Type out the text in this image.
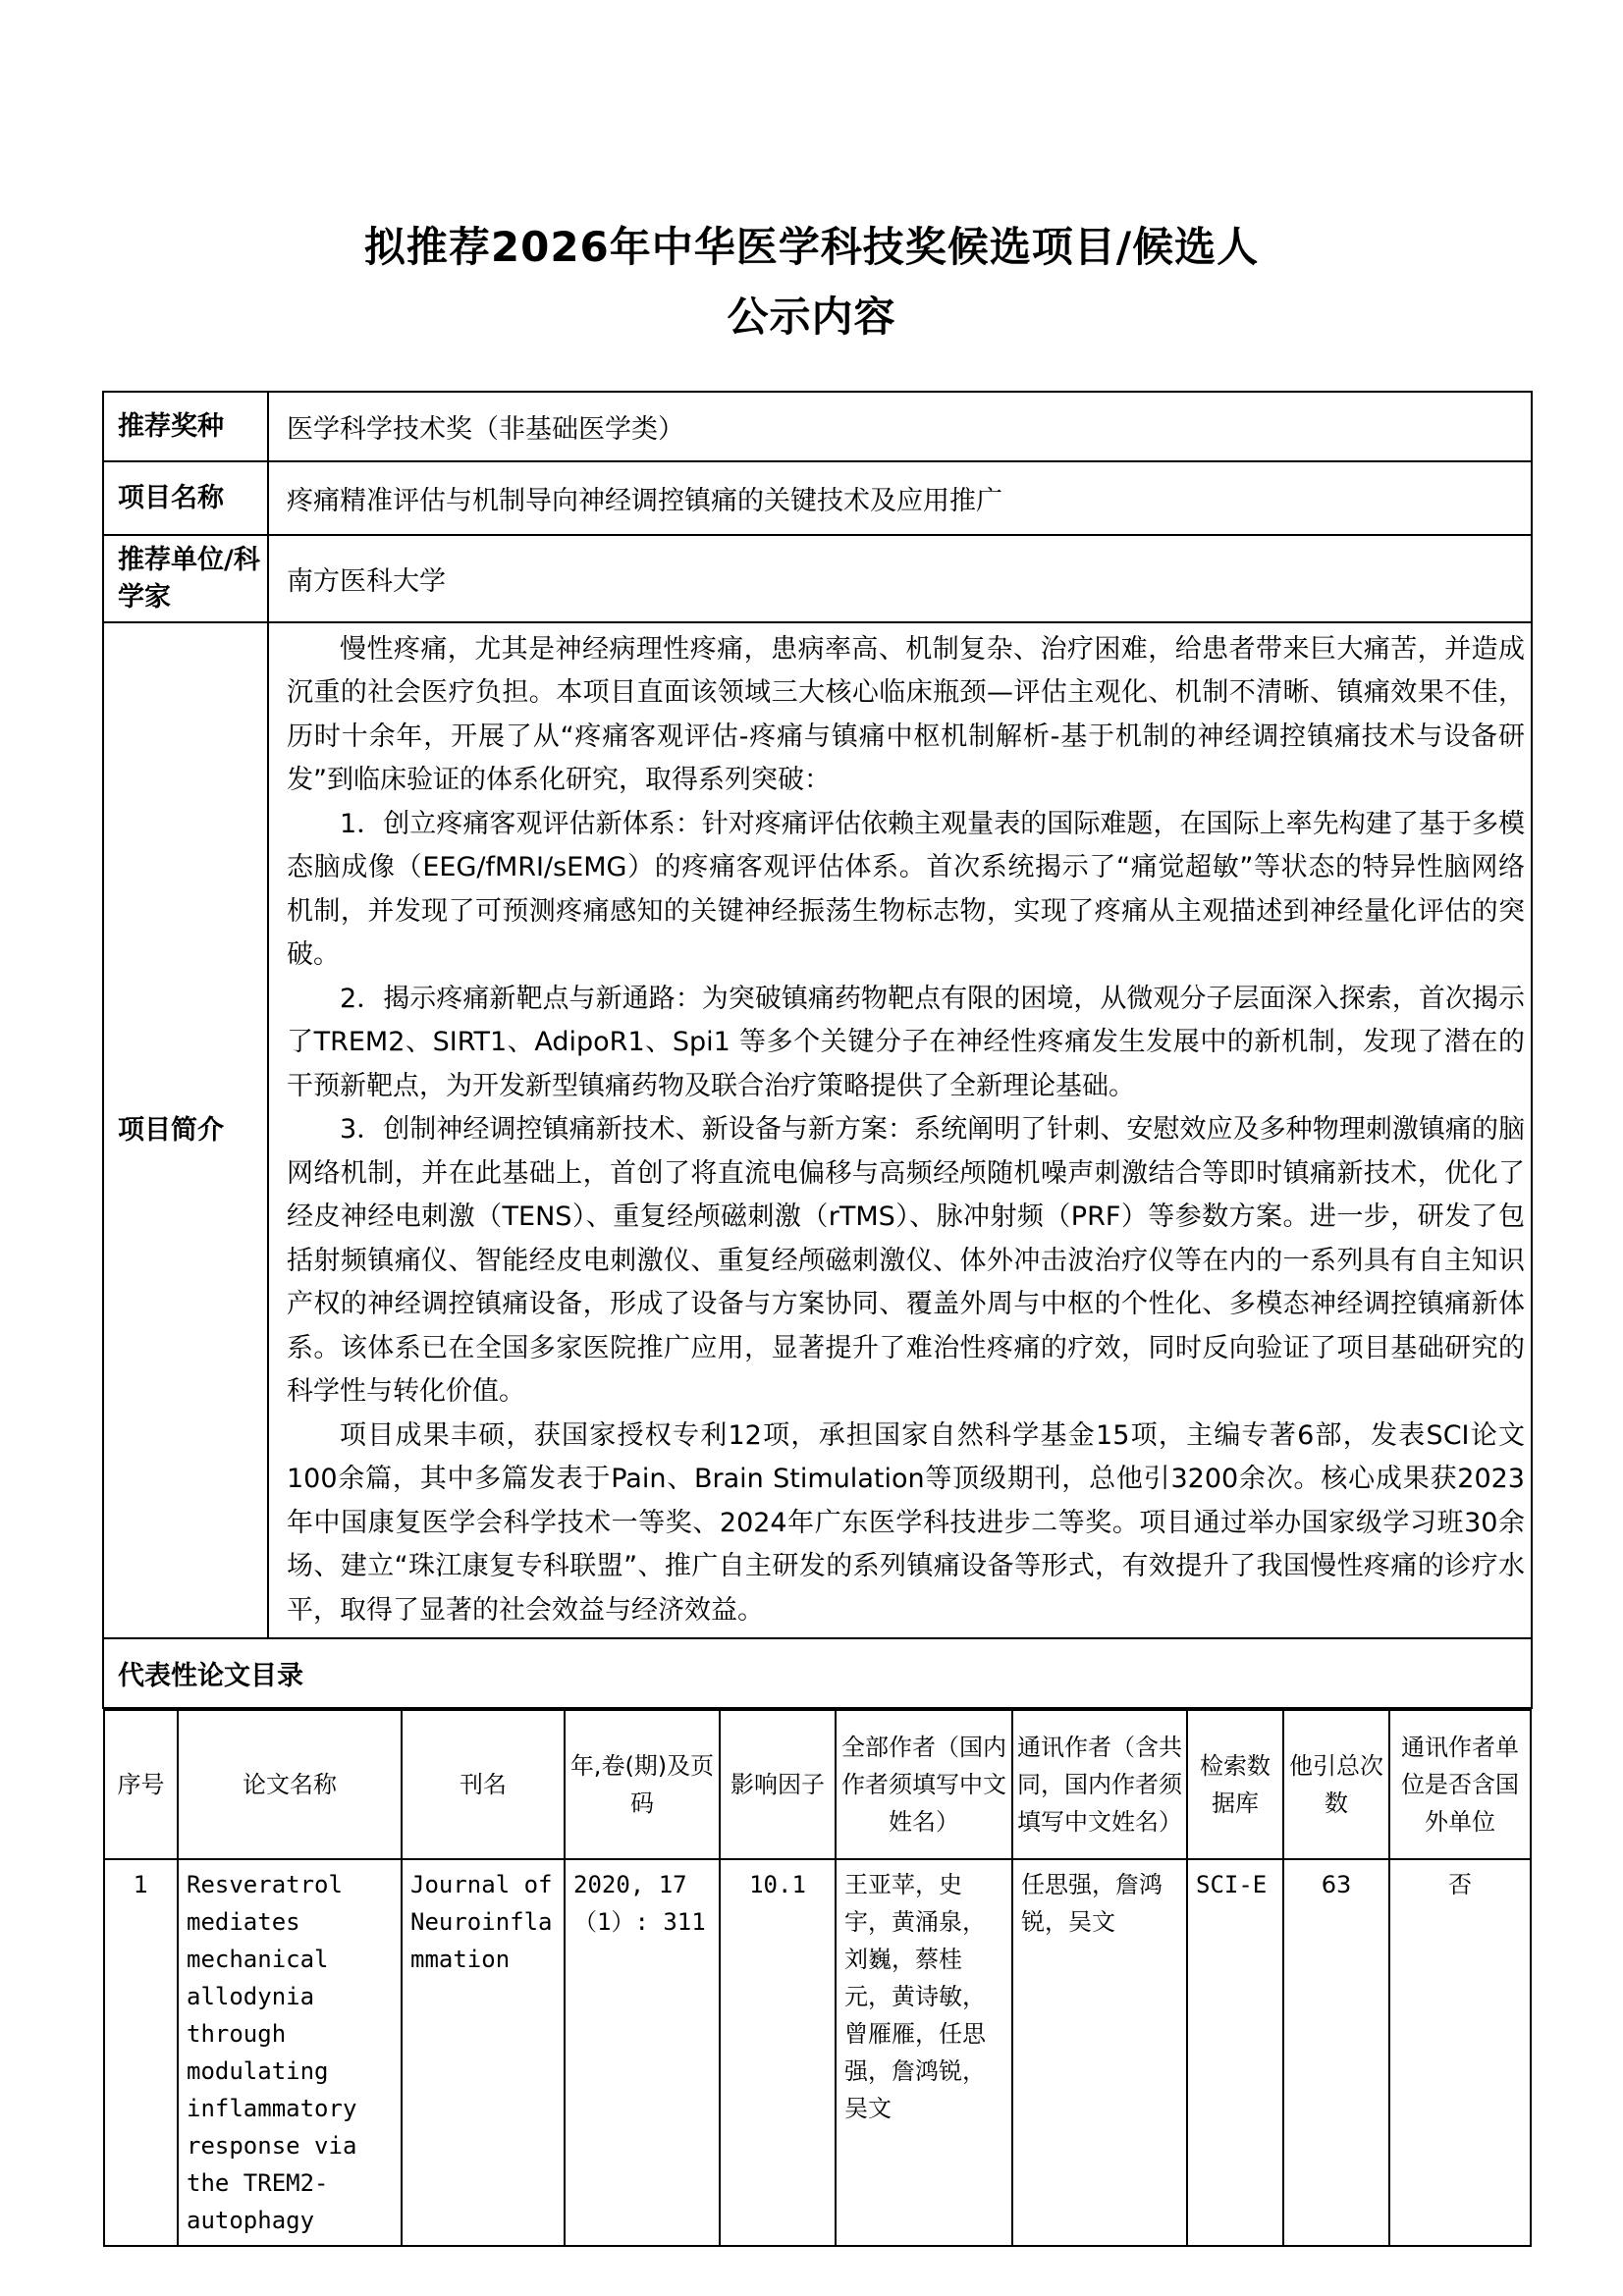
拟推荐2026年中华医学科技奖候选项目/候选人
公示内容
推荐奖种	医学科学技术奖（非基础医学类）
项目名称	疼痛精准评估与机制导向神经调控镇痛的关键技术及应用推广
推荐单位/科学家	南方医科大学
项目简介	

慢性疼痛，尤其是神经病理性疼痛，患病率高、机制复杂、治疗困难，给患者带来巨大痛苦，并造成沉重的社会医疗负担。本项目直面该领域三大核心临床瓶颈—评估主观化、机制不清晰、镇痛效果不佳，历时十余年，开展了从“疼痛客观评估-疼痛与镇痛中枢机制解析-基于机制的神经调控镇痛技术与设备研发”到临床验证的体系化研究，取得系列突破：

1．创立疼痛客观评估新体系：针对疼痛评估依赖主观量表的国际难题，在国际上率先构建了基于多模态脑成像（EEG/fMRI/sEMG）的疼痛客观评估体系。首次系统揭示了“痛觉超敏”等状态的特异性脑网络机制，并发现了可预测疼痛感知的关键神经振荡生物标志物，实现了疼痛从主观描述到神经量化评估的突破。

2．揭示疼痛新靶点与新通路：为突破镇痛药物靶点有限的困境，从微观分子层面深入探索，首次揭示了TREM2、SIRT1、AdipoR1、Spi1 等多个关键分子在神经性疼痛发生发展中的新机制，发现了潜在的干预新靶点，为开发新型镇痛药物及联合治疗策略提供了全新理论基础。

3．创制神经调控镇痛新技术、新设备与新方案：系统阐明了针刺、安慰效应及多种物理刺激镇痛的脑网络机制，并在此基础上，首创了将直流电偏移与高频经颅随机噪声刺激结合等即时镇痛新技术，优化了经皮神经电刺激（TENS）、重复经颅磁刺激（rTMS）、脉冲射频（PRF）等参数方案。进一步，研发了包括射频镇痛仪、智能经皮电刺激仪、重复经颅磁刺激仪、体外冲击波治疗仪等在内的一系列具有自主知识产权的神经调控镇痛设备，形成了设备与方案协同、覆盖外周与中枢的个性化、多模态神经调控镇痛新体系。该体系已在全国多家医院推广应用，显著提升了难治性疼痛的疗效，同时反向验证了项目基础研究的科学性与转化价值。

项目成果丰硕，获国家授权专利12项，承担国家自然科学基金15项，主编专著6部，发表SCI论文100余篇，其中多篇发表于Pain、Brain Stimulation等顶级期刊，总他引3200余次。核心成果获2023年中国康复医学会科学技术一等奖、2024年广东医学科技进步二等奖。项目通过举办国家级学习班30余场、建立“珠江康复专科联盟”、推广自主研发的系列镇痛设备等形式，有效提升了我国慢性疼痛的诊疗水平，取得了显著的社会效益与经济效益。

代表性论文目录

序号	论文名称	刊名	年,卷(期)及页码	影响因子	全部作者（国内作者须填写中文姓名）	通讯作者（含共同，国内作者须填写中文姓名）	检索数据库	他引总次数	通讯作者单位是否含国外单位
1	Resveratrol mediates mechanical allodynia through modulating inflammatory response via the TREM2-autophagy	Journal of Neuroinflammation	2020, 17（1）: 311	10.1	王亚苹，史宇，黄涌泉，刘巍，蔡桂元，黄诗敏，曾雁雁，任思强，詹鸿锐，吴文	任思强，詹鸿锐，吴文	SCI-E	63	否
